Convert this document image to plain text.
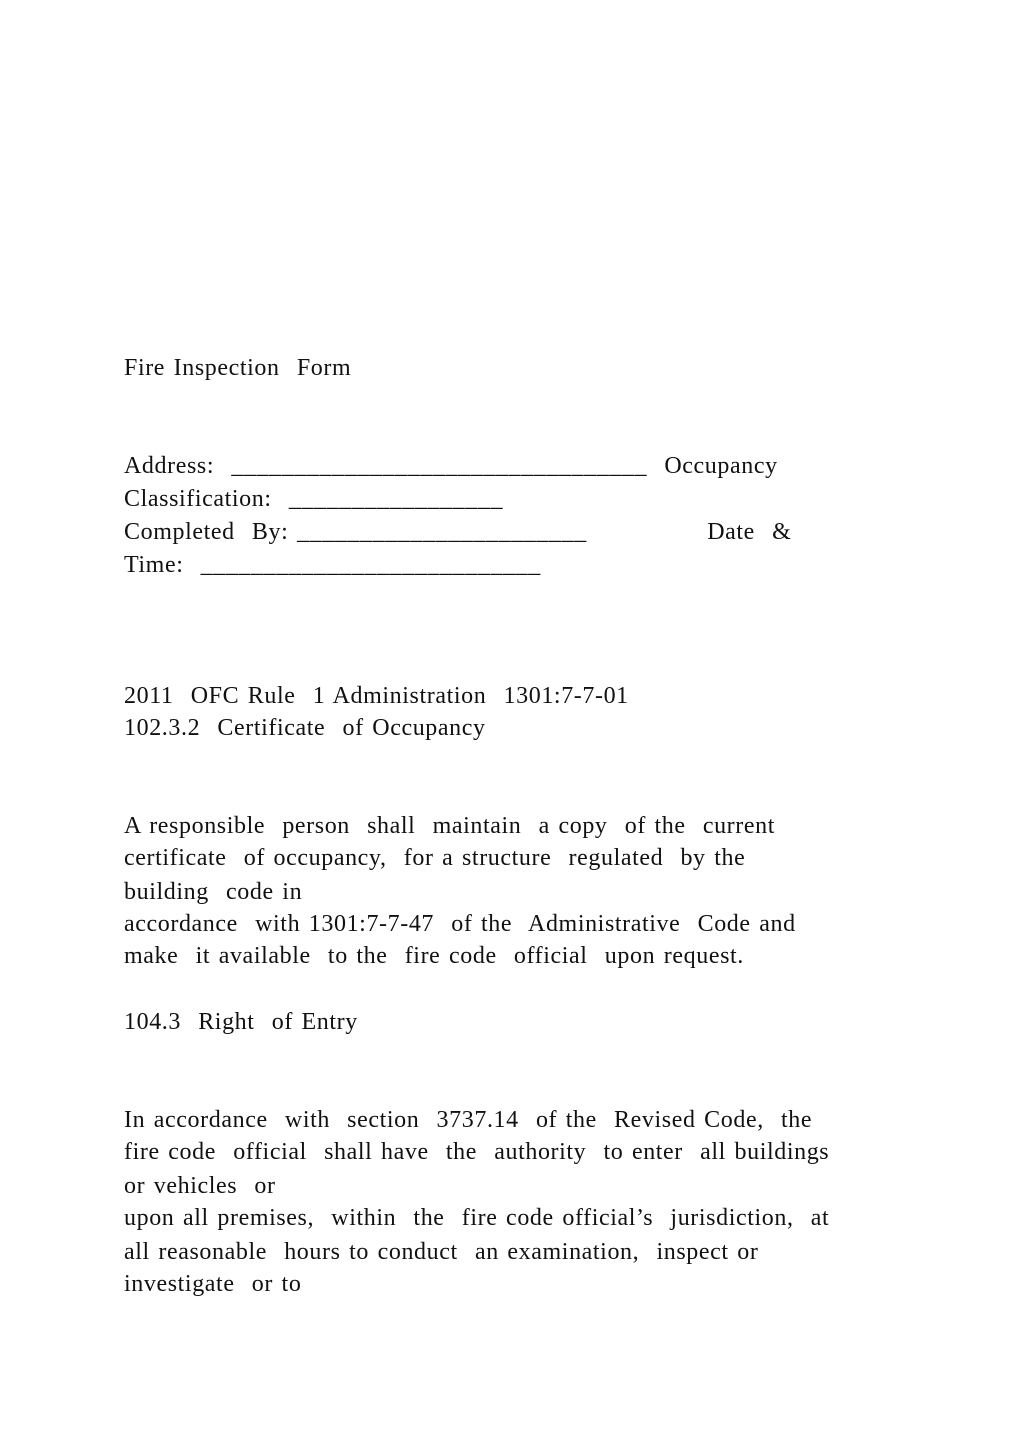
Fire Inspection  Form
Address:  _________________________________  Occupancy
Classification:  _________________
Completed  By: _______________________              Date  &
Time:  ___________________________
2011  OFC Rule  1 Administration  1301:7-7-01
102.3.2  Certificate  of Occupancy
A responsible  person  shall  maintain  a copy  of the  current
certificate  of occupancy,  for a structure  regulated  by the
building  code in
accordance  with 1301:7-7-47  of the  Administrative  Code and
make  it available  to the  fire code  official  upon request.
104.3  Right  of Entry
In accordance  with  section  3737.14  of the  Revised Code,  the
fire code  official  shall have  the  authority  to enter  all buildings
or vehicles  or
upon all premises,  within  the  fire code official’s  jurisdiction,  at
all reasonable  hours to conduct  an examination,  inspect or
investigate  or to
